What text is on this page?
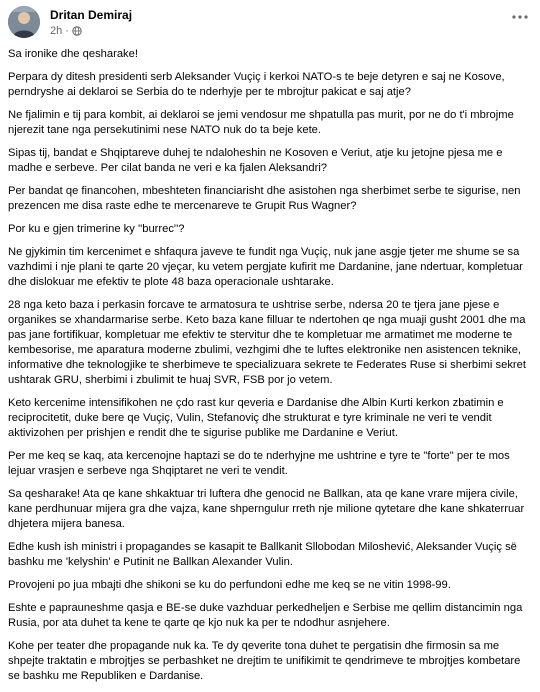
Dritan Demiraj
2h ·

Sa ironike dhe qesharake!

Perpara dy ditesh presidenti serb Aleksander Vuçiç i kerkoi NATO-s te beje detyren e saj ne Kosove, perndryshe ai deklaroi se Serbia do te nderhyje per te mbrojtur pakicat e saj atje?

Ne fjalimin e tij para kombit, ai deklaroi se jemi vendosur me shpatulla pas murit, por ne do t'i mbrojme njerezit tane nga persekutinimi nese NATO nuk do ta beje kete.

Sipas tij, bandat e Shqiptareve duhej te ndaloheshin ne Kosoven e Veriut, atje ku jetojne pjesa me e madhe e serbeve. Per cilat banda ne veri e ka fjalen Aleksandri?

Per bandat qe financohen, mbeshteten financiarisht dhe asistohen nga sherbimet serbe te sigurise, nen prezencen me disa raste edhe te mercenareve te Grupit Rus Wagner?

Por ku e gjen trimerine ky ''burrec''?

Ne gjykimin tim kercenimet e shfaqura javeve te fundit nga Vuçiç, nuk jane asgje tjeter me shume se sa vazhdimi i nje plani te qarte 20 vjeçar, ku vetem pergjate kufirit me Dardanine, jane ndertuar, kompletuar dhe dislokuar me efektiv te plote 48 baza operacionale ushtarake.

28 nga keto baza i perkasin forcave te armatosura te ushtrise serbe, ndersa 20 te tjera jane pjese e organikes se xhandarmarise serbe. Keto baza kane filluar te ndertohen qe nga muaji gusht 2001 dhe ma pas jane fortifikuar, kompletuar me efektiv te stervitur dhe te kompletuar me armatimet me moderne te kembesorise, me aparatura moderne zbulimi, vezhgimi dhe te luftes elektronike nen asistencen teknike, informative dhe teknologjike te sherbimeve te specializuara sekrete te Federates Ruse si sherbimi sekret ushtarak GRU, sherbimi i zbulimit te huaj SVR, FSB por jo vetem.

Keto kercenime intensifikohen ne çdo rast kur qeveria e Dardanise dhe Albin Kurti kerkon zbatimin e reciprocitetit, duke bere qe Vuçiç, Vulin, Stefanoviç dhe strukturat e tyre kriminale ne veri te vendit aktivizohen per prishjen e rendit dhe te sigurise publike me Dardanine e Veriut.

Per me keq se kaq, ata kercenojne haptazi se do te nderhyjne me ushtrine e tyre te "forte" per te mos lejuar vrasjen e serbeve nga Shqiptaret ne veri te vendit.

Sa qesharake! Ata qe kane shkaktuar tri luftera dhe genocid ne Ballkan, ata qe kane vrare mijera civile, kane perdhunuar mijera gra dhe vajza, kane shperngulur rreth nje milione qytetare dhe kane shkaterruar dhjetera mijera banesa.

Edhe kush ish ministri i propagandes se kasapit te Ballkanit Sllobodan Miloshević, Aleksander Vuçiç së bashku me 'kelyshin' e Putinit ne Ballkan Alexander Vulin.

Provojeni po jua mbajti dhe shikoni se ku do perfundoni edhe me keq se ne vitin 1998-99.

Eshte e paprauneshme qasja e BE-se duke vazhduar perkedheljen e Serbise me qellim distancimin nga Rusia, por ata duhet ta kene te qarte qe kjo nuk ka per te ndodhur asnjehere.

Kohe per teater dhe propagande nuk ka. Te dy qeverite tona duhet te pergatisin dhe firmosin sa me shpejte traktatin e mbrojtjes se perbashket ne drejtim te unifikimit te qendrimeve te mbrojtjes kombetare se bashku me Republiken e Dardanise.
